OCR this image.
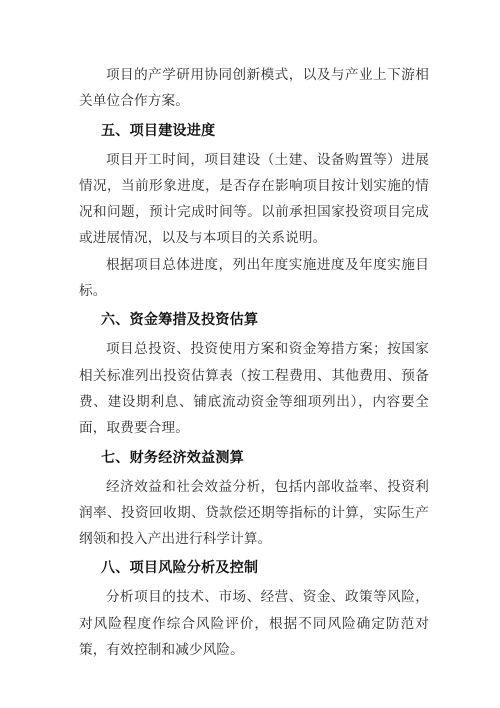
项目的产学研用协同创新模式，以及与产业上下游相关单位合作方案。

五、项目建设进度

项目开工时间，项目建设（土建、设备购置等）进展情况，当前形象进度，是否存在影响项目按计划实施的情况和问题，预计完成时间等。以前承担国家投资项目完成或进展情况，以及与本项目的关系说明。

根据项目总体进度，列出年度实施进度及年度实施目标。

六、资金筹措及投资估算

项目总投资、投资使用方案和资金筹措方案；按国家相关标准列出投资估算表（按工程费用、其他费用、预备费、建设期利息、铺底流动资金等细项列出），内容要全面，取费要合理。

七、财务经济效益测算

经济效益和社会效益分析，包括内部收益率、投资利润率、投资回收期、贷款偿还期等指标的计算，实际生产纲领和投入产出进行科学计算。

八、项目风险分析及控制

分析项目的技术、市场、经营、资金、政策等风险，对风险程度作综合风险评价，根据不同风险确定防范对策，有效控制和减少风险。
